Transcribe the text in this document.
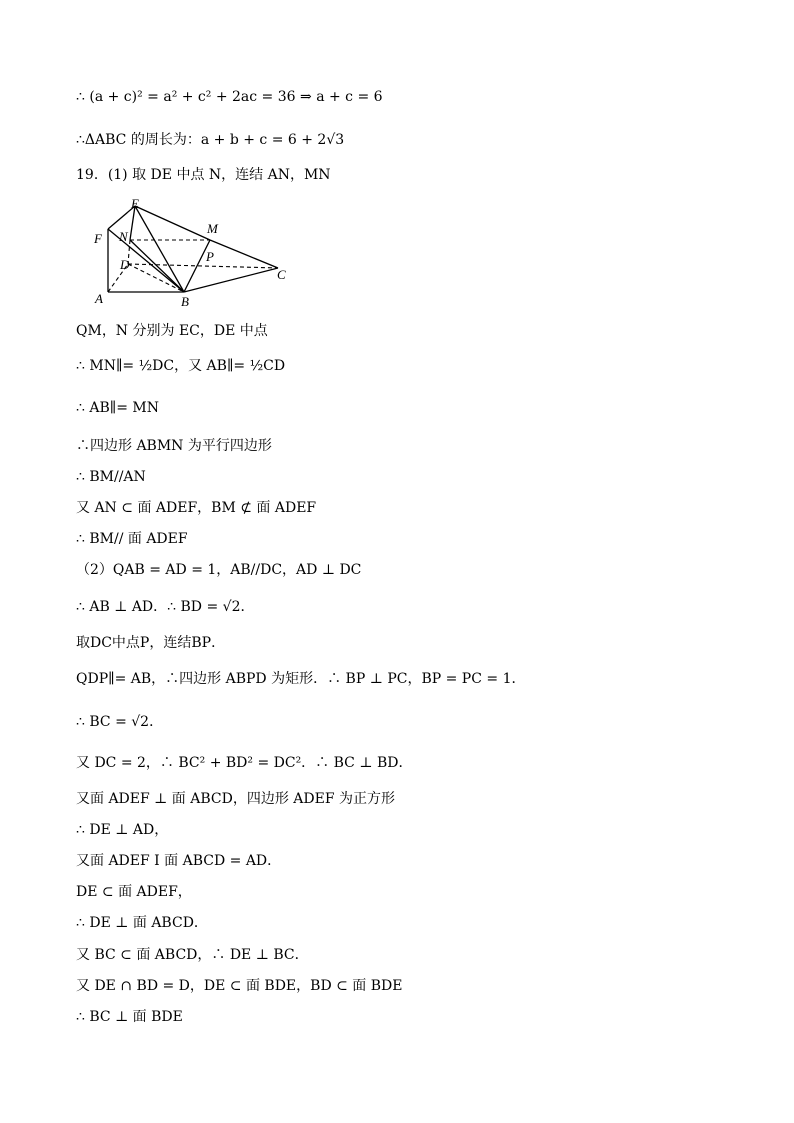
∴ (a + c)² = a² + c² + 2ac = 36 ⇒ a + c = 6
∴ΔABC 的周长为：a + b + c = 6 + 2√3
19．(1) 取 DE 中点 N，连结 AN，MN
QM，N 分别为 EC，DE 中点
∴ MN∥= ½DC，又 AB∥= ½CD
∴ AB∥= MN
∴四边形 ABMN 为平行四边形
∴ BM//AN
又 AN ⊂ 面 ADEF，BM ⊄ 面 ADEF
∴ BM// 面 ADEF
（2）QAB = AD = 1，AB//DC，AD ⊥ DC
∴ AB ⊥ AD．∴ BD = √2．
取DC中点P，连结BP．
QDP∥= AB，∴四边形 ABPD 为矩形．∴ BP ⊥ PC，BP = PC = 1．
∴ BC = √2．
又 DC = 2，∴ BC² + BD² = DC²．∴ BC ⊥ BD．
又面 ADEF ⊥ 面 ABCD，四边形 ADEF 为正方形
∴ DE ⊥ AD，
又面 ADEF I 面 ABCD = AD．
DE ⊂ 面 ADEF，
∴ DE ⊥ 面 ABCD．
又 BC ⊂ 面 ABCD，∴ DE ⊥ BC．
又 DE ∩ BD = D，DE ⊂ 面 BDE，BD ⊂ 面 BDE
∴ BC ⊥ 面 BDE
E
F N
M
D
P
C
A	B
